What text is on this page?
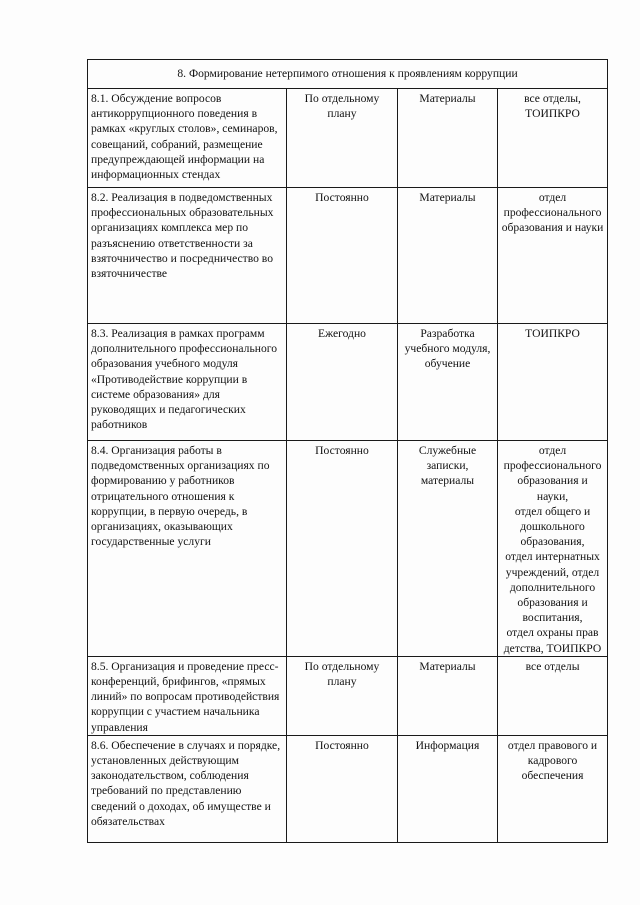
8. Формирование нетерпимого отношения к проявлениям коррупции			
8.1. Обсуждение вопросов антикоррупционного поведения в рамках «круглых столов», семинаров, совещаний, собраний, размещение предупреждающей информации на информационных стендах	По отдельному плану	Материалы	все отделы, ТОИПКРО
8.2. Реализация в подведомственных профессиональных образовательных организациях комплекса мер по разъяснению ответственности за взяточничество и посредничество во взяточничестве	Постоянно	Материалы	отдел профессионального образования и науки
8.3. Реализация в рамках программ дополнительного профессионального образования учебного модуля «Противодействие коррупции в системе образования» для руководящих и педагогических работников	Ежегодно	Разработка учебного модуля, обучение	ТОИПКРО
8.4. Организация работы в подведомственных организациях по формированию у работников отрицательного отношения к коррупции, в первую очередь, в организациях, оказывающих государственные услуги	Постоянно	Служебные записки, материалы	отдел профессионального образования и науки,
отдел общего и дошкольного образования,
отдел интернатных учреждений, отдел дополнительного образования и воспитания,
отдел охраны прав детства, ТОИПКРО
8.5. Организация и проведение пресс-конференций, брифингов, «прямых линий» по вопросам противодействия коррупции с участием начальника управления	По отдельному плану	Материалы	все отделы
8.6. Обеспечение в случаях и порядке, установленных действующим законодательством, соблюдения требований по представлению сведений о доходах, об имуществе и обязательствах	Постоянно	Информация	отдел правового и кадрового обеспечения
